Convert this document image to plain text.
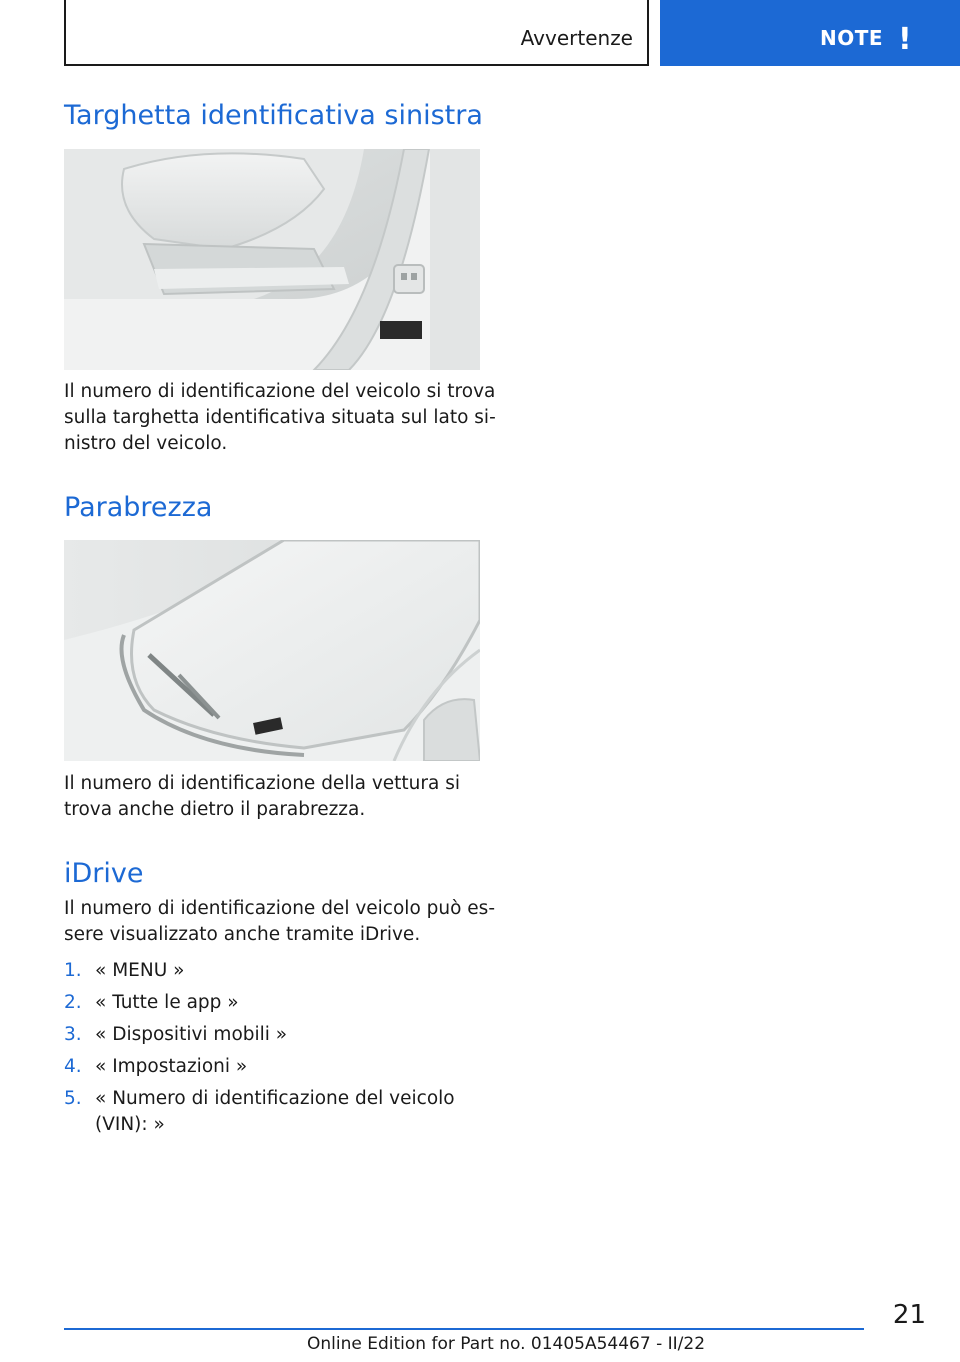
Avvertenze	NOTE !
Targhetta identificativa sinistra
Il numero di identificazione del veicolo si trova
sulla targhetta identificativa situata sul lato si-
nistro del veicolo.
Parabrezza
Il numero di identificazione della vettura si
trova anche dietro il parabrezza.
iDrive
Il numero di identificazione del veicolo può es-
sere visualizzato anche tramite iDrive.
1. « MENU »
2. « Tutte le app »
3. « Dispositivi mobili »
4. « Impostazioni »
5. « Numero di identificazione del veicolo
(VIN): »
21
Online Edition for Part no. 01405A54467 - II/22
